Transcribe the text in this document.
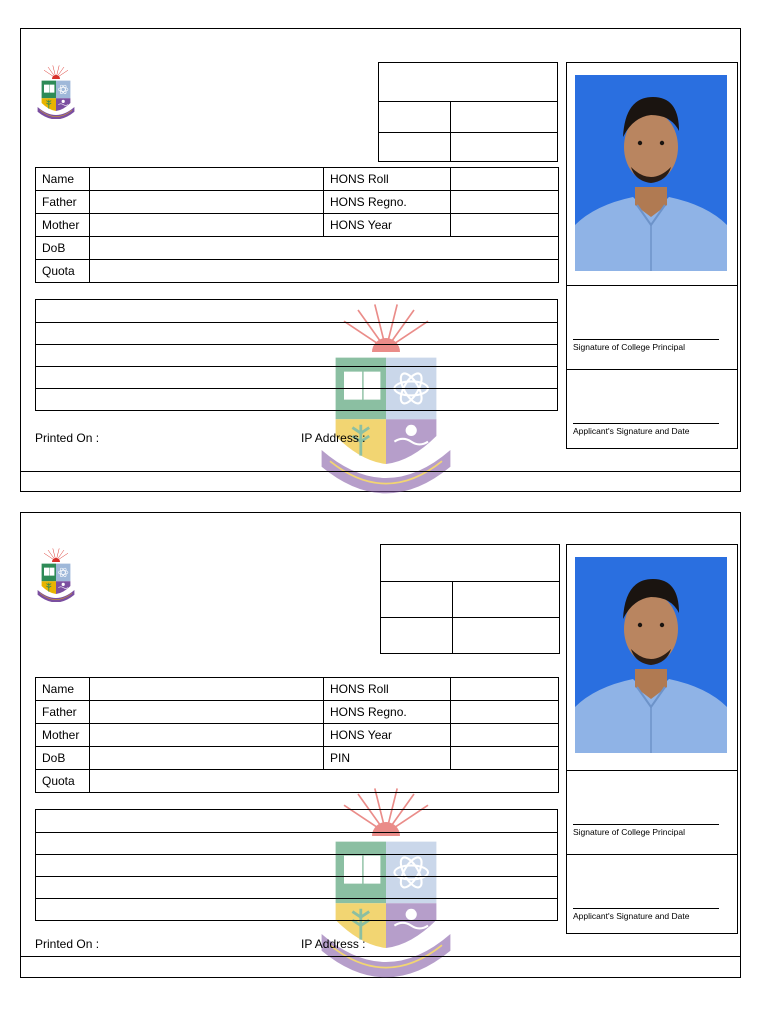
Name		HONS Roll	
Father		HONS Regno.	
Mother		HONS Year	
DoB			
Quota			
Printed On :	IP Address :
Signature of College Principal
Applicant's Signature and Date
Name		HONS Roll	
Father		HONS Regno.	
Mother		HONS Year	
DoB		PIN	
Quota			
Printed On :	IP Address :
Signature of College Principal
Applicant's Signature and Date
